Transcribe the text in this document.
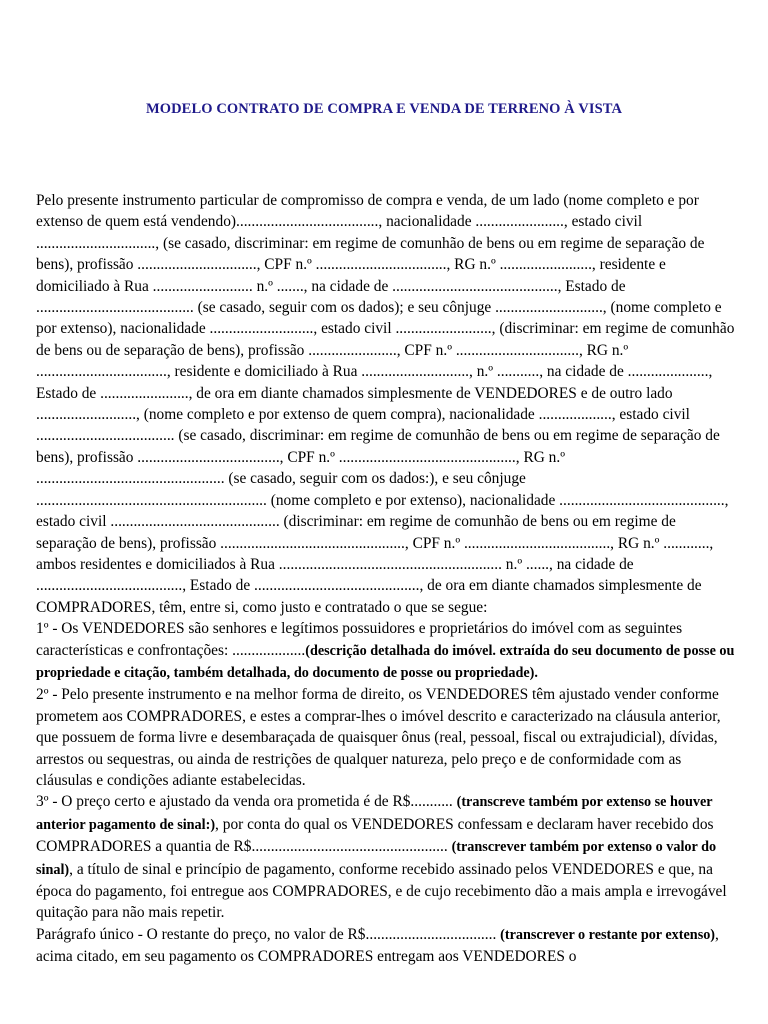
MODELO CONTRATO DE COMPRA E VENDA DE TERRENO À VISTA

Pelo presente instrumento particular de compromisso de compra e venda, de um lado (nome completo e por extenso de quem está vendendo)....................................., nacionalidade ......................., estado civil ..............................., (se casado, discriminar: em regime de comunhão de bens ou em regime de separação de bens), profissão ..............................., CPF n.º .................................., RG n.º ........................, residente e domiciliado à Rua .......................... n.º ......., na cidade de ..........................................., Estado de ......................................... (se casado, seguir com os dados); e seu cônjuge ............................, (nome completo e por extenso), nacionalidade ..........................., estado civil ........................., (discriminar: em regime de comunhão de bens ou de separação de bens), profissão ......................., CPF n.º ................................, RG n.º .................................., residente e domiciliado à Rua ............................, n.º ..........., na cidade de ....................., Estado de ......................., de ora em diante chamados simplesmente de VENDEDORES e de outro lado .........................., (nome completo e por extenso de quem compra), nacionalidade ..................., estado civil .................................... (se casado, discriminar: em regime de comunhão de bens ou em regime de separação de bens), profissão ....................................., CPF n.º .............................................., RG n.º ................................................. (se casado, seguir com os dados:), e seu cônjuge ............................................................ (nome completo e por extenso), nacionalidade ..........................................., estado civil ............................................ (discriminar: em regime de comunhão de bens ou em regime de separação de bens), profissão ................................................, CPF n.º ......................................, RG n.º ............, ambos residentes e domiciliados à Rua .......................................................... n.º ......, na cidade de ......................................, Estado de ..........................................., de ora em diante chamados simplesmente de COMPRADORES, têm, entre si, como justo e contratado o que se segue:

1º - Os VENDEDORES são senhores e legítimos possuidores e proprietários do imóvel com as seguintes características e confrontações: ...................(descrição detalhada do imóvel. extraída do seu documento de posse ou propriedade e citação, também detalhada, do documento de posse ou propriedade).

2º - Pelo presente instrumento e na melhor forma de direito, os VENDEDORES têm ajustado vender conforme prometem aos COMPRADORES, e estes a comprar-lhes o imóvel descrito e caracterizado na cláusula anterior, que possuem de forma livre e desembaraçada de quaisquer ônus (real, pessoal, fiscal ou extrajudicial), dívidas, arrestos ou sequestras, ou ainda de restrições de qualquer natureza, pelo preço e de conformidade com as cláusulas e condições adiante estabelecidas.

3º - O preço certo e ajustado da venda ora prometida é de R$........... (transcreve também por extenso se houver anterior pagamento de sinal:), por conta do qual os VENDEDORES confessam e declaram haver recebido dos COMPRADORES a quantia de R$................................................... (transcrever também por extenso o valor do sinal), a título de sinal e princípio de pagamento, conforme recebido assinado pelos VENDEDORES e que, na época do pagamento, foi entregue aos COMPRADORES, e de cujo recebimento dão a mais ampla e irrevogável quitação para não mais repetir.

Parágrafo único - O restante do preço, no valor de R$.................................. (transcrever o restante por extenso), acima citado, em seu pagamento os COMPRADORES entregam aos VENDEDORES o
